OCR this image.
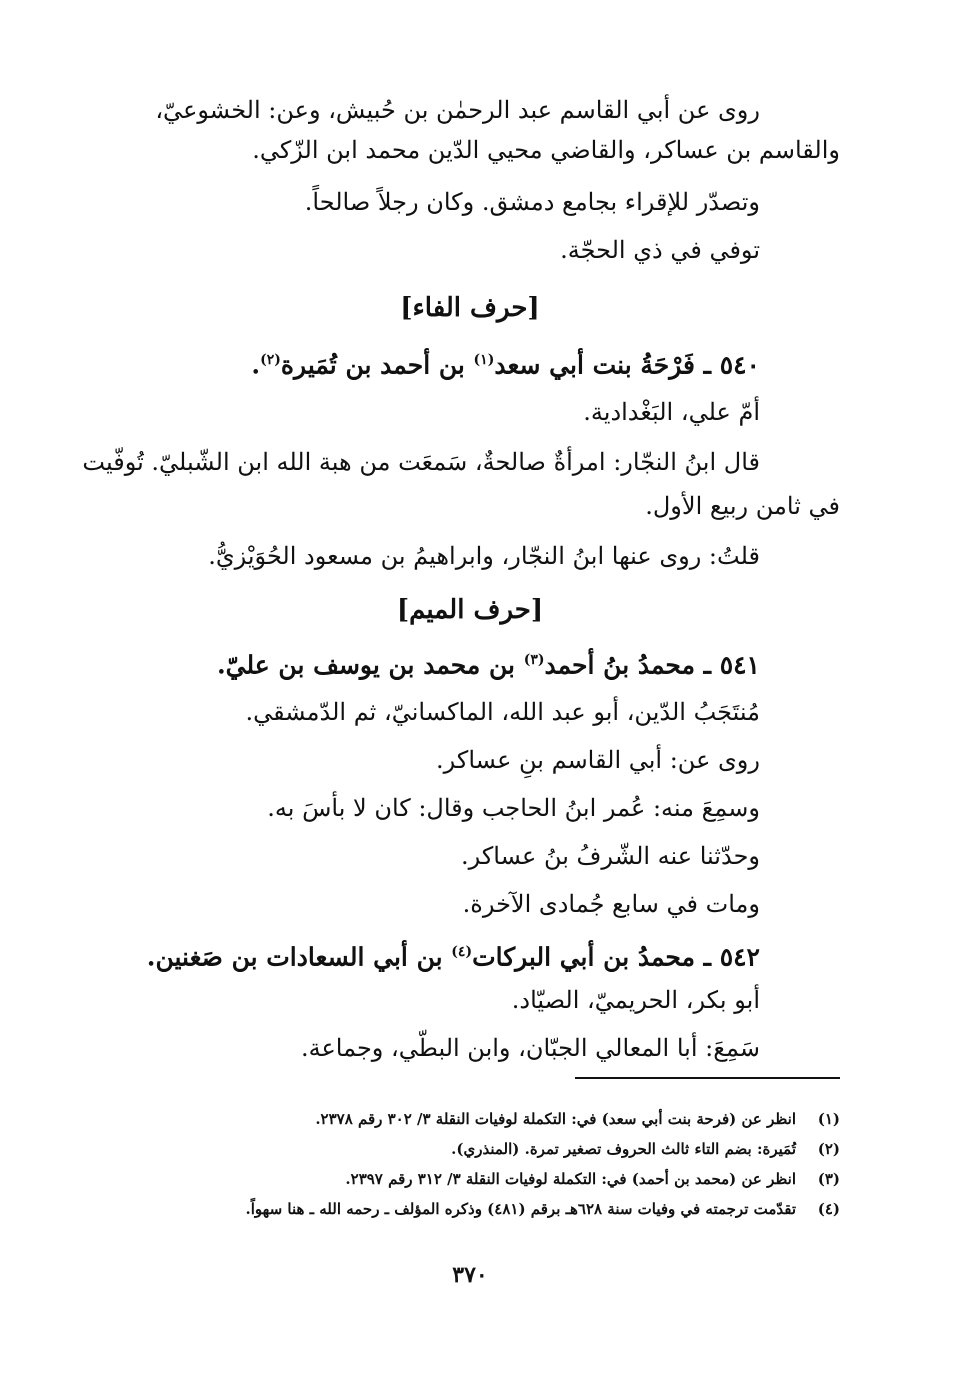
روى عن أبي القاسم عبد الرحمٰن بن حُبيش، وعن: الخشوعيّ،
والقاسم بن عساكر، والقاضي محيي الدّين محمد ابن الزّكي.
وتصدّر للإقراء بجامع دمشق. وكان رجلاً صالحاً.
توفي في ذي الحجّة.
[حرف الفاء]
٥٤٠ ـ فَرْحَةُ بنت أبي سعد$^{(١)}$ بن أحمد بن تُمَيرة$^{(٢)}$.
أمّ علي، البَغْدادية.
قال ابنُ النجّار: امرأةٌ صالحةٌ، سَمعَت من هبة الله ابن الشّبليّ. تُوفّيت
في ثامن ربيع الأول.
قلتُ: روى عنها ابنُ النجّار، وابراهيمُ بن مسعود الحُوَيْزيُّ.
[حرف الميم]
٥٤١ ـ محمدُ بنُ أحمد$^{(٣)}$ بن محمد بن يوسف بن عليّ.
مُنتَجَبُ الدّين، أبو عبد الله، الماكسانيّ، ثم الدّمشقي.
روى عن: أبي القاسم بنِ عساكر.
وسمِعَ منه: عُمر ابنُ الحاجب وقال: كان لا بأسَ به.
وحدّثنا عنه الشّرفُ بنُ عساكر.
ومات في سابع جُمادى الآخرة.
٥٤٢ ـ محمدُ بن أبي البركات$^{(٤)}$ بن أبي السعادات بن صَغنين.
أبو بكر، الحريميّ، الصيّاد.
سَمِعَ: أبا المعالي الجبّان، وابن البطّي، وجماعة.
(١)انظر عن (فرحة بنت أبي سعد) في: التكملة لوفيات النقلة ٣/ ٣٠٢ رقم ٢٣٧٨.
(٢)تُمَيرة: بضم التاء ثالث الحروف تصغير تمرة. (المنذري).
(٣)انظر عن (محمد بن أحمد) في: التكملة لوفيات النقلة ٣/ ٣١٢ رقم ٢٣٩٧.
(٤)تقدّمت ترجمته في وفيات سنة ٦٢٨هـ برقم (٤٨١) وذكره المؤلف ـ رحمه الله ـ هنا سهواً.
٣٧٠
